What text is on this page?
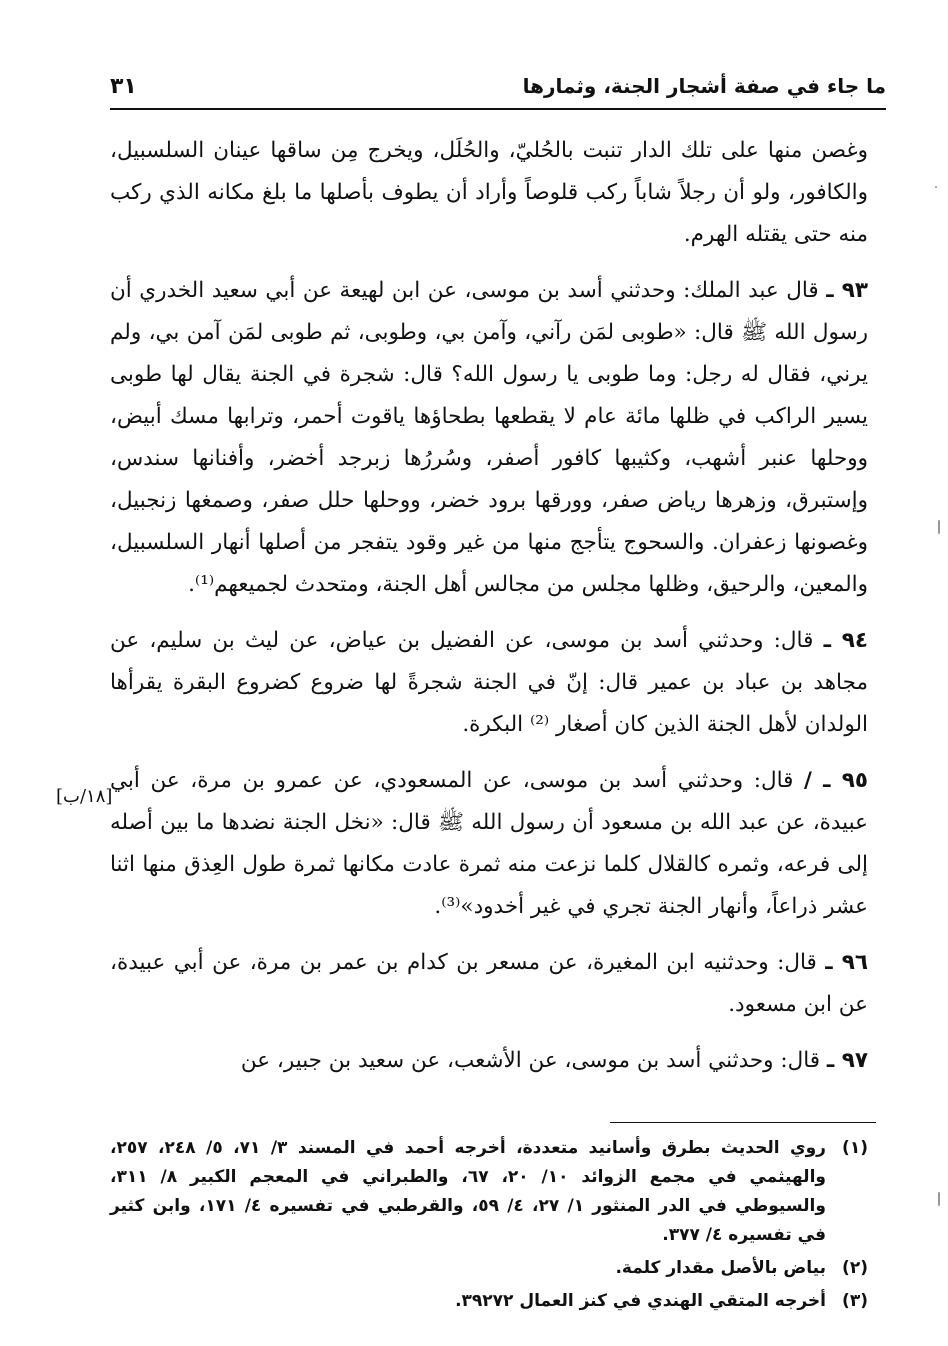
ما جاء في صفة أشجار الجنة، وثمارها
٣١

وغصن منها على تلك الدار تنبت بالحُليّ، والحُلَل، ويخرج مِن ساقها عينان السلسبيل، والكافور، ولو أن رجلاً شاباً ركب قلوصاً وأراد أن يطوف بأصلها ما بلغ مكانه الذي ركب منه حتى يقتله الهرم.

٩٣ ـ قال عبد الملك: وحدثني أسد بن موسى، عن ابن لهيعة عن أبي سعيد الخدري أن رسول الله ﷺ قال: «طوبى لمَن رآني، وآمن بي، وطوبى، ثم طوبى لمَن آمن بي، ولم يرني، فقال له رجل: وما طوبى يا رسول الله؟ قال: شجرة في الجنة يقال لها طوبى يسير الراكب في ظلها مائة عام لا يقطعها بطحاؤها ياقوت أحمر، وترابها مسك أبيض، ووحلها عنبر أشهب، وكثيبها كافور أصفر، وسُررُها زبرجد أخضر، وأفنانها سندس، وإستبرق، وزهرها رياض صفر، وورقها برود خضر، ووحلها حلل صفر، وصمغها زنجبيل، وغصونها زعفران. والسحوج يتأجج منها من غير وقود يتفجر من أصلها أنهار السلسبيل، والمعين، والرحيق، وظلها مجلس من مجالس أهل الجنة، ومتحدث لجميعهم⁽¹⁾.

٩٤ ـ قال: وحدثني أسد بن موسى، عن الفضيل بن عياض، عن ليث بن سليم، عن مجاهد بن عباد بن عمير قال: إنّ في الجنة شجرةً لها ضروع كضروع البقرة يقرأها الولدان لأهل الجنة الذين كان أصغار ⁽²⁾ البكرة.

٩٥ ـ / قال: وحدثني أسد بن موسى، عن المسعودي، عن عمرو بن مرة، عن أبي عبيدة، عن عبد الله بن مسعود أن رسول الله ﷺ قال: «نخل الجنة نضدها ما بين أصله إلى فرعه، وثمره كالقلال كلما نزعت منه ثمرة عادت مكانها ثمرة طول العِذق منها اثنا عشر ذراعاً، وأنهار الجنة تجري في غير أخدود»⁽³⁾.

٩٦ ـ قال: وحدثنيه ابن المغيرة، عن مسعر بن كدام بن عمر بن مرة، عن أبي عبيدة، عن ابن مسعود.

٩٧ ـ قال: وحدثني أسد بن موسى، عن الأشعب، عن سعيد بن جبير، عن

[١٨/ب]
(١)
روي الحديث بطرق وأسانيد متعددة، أخرجه أحمد في المسند ٣/ ٧١، ٥/ ٢٤٨، ٢٥٧، والهيثمي في مجمع الزوائد ١٠/ ٢٠، ٦٧، والطبراني في المعجم الكبير ٨/ ٣١١، والسيوطي في الدر المنثور ١/ ٢٧، ٤/ ٥٩، والقرطبي في تفسيره ٤/ ١٧١، وابن كثير في تفسيره ٤/ ٣٧٧.
(٢)
بياض بالأصل مقدار كلمة.
(٣)
أخرجه المتقي الهندي في كنز العمال ٣٩٢٧٢.
